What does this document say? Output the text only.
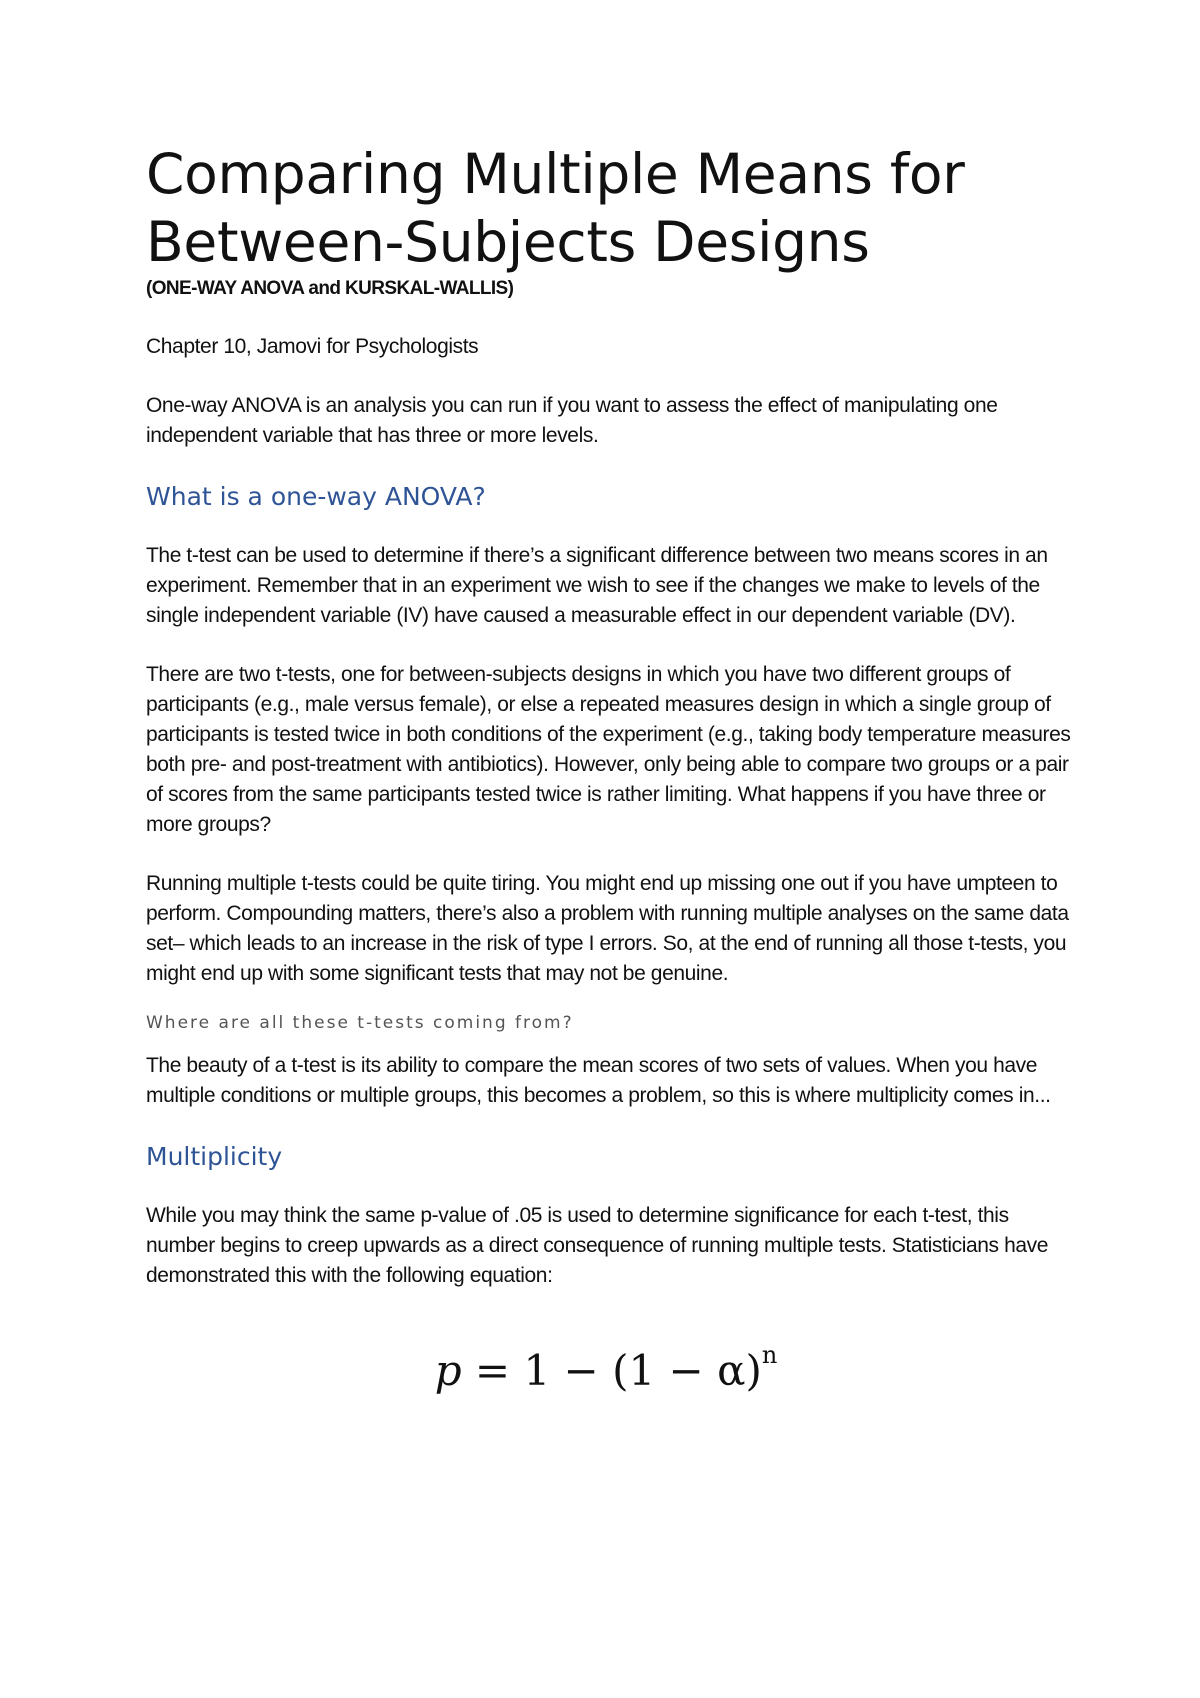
Comparing Multiple Means for
Between-Subjects Designs

(ONE-WAY ANOVA and KURSKAL-WALLIS)

Chapter 10, Jamovi for Psychologists

One-way ANOVA is an analysis you can run if you want to assess the effect of manipulating one independent variable that has three or more levels.

What is a one-way ANOVA?

The t-test can be used to determine if there’s a significant difference between two means scores in an experiment. Remember that in an experiment we wish to see if the changes we make to levels of the single independent variable (IV) have caused a measurable effect in our dependent variable (DV).

There are two t-tests, one for between-subjects designs in which you have two different groups of participants (e.g., male versus female), or else a repeated measures design in which a single group of participants is tested twice in both conditions of the experiment (e.g., taking body temperature measures both pre- and post-treatment with antibiotics). However, only being able to compare two groups or a pair of scores from the same participants tested twice is rather limiting. What happens if you have three or more groups?

Running multiple t-tests could be quite tiring. You might end up missing one out if you have umpteen to perform. Compounding matters, there’s also a problem with running multiple analyses on the same data set– which leads to an increase in the risk of type I errors. So, at the end of running all those t-tests, you might end up with some significant tests that may not be genuine.

Where are all these t-tests coming from?

The beauty of a t-test is its ability to compare the mean scores of two sets of values. When you have multiple conditions or multiple groups, this becomes a problem, so this is where multiplicity comes in...

Multiplicity

While you may think the same p-value of .05 is used to determine significance for each t-test, this number begins to creep upwards as a direct consequence of running multiple tests. Statisticians have demonstrated this with the following equation:

$p = 1 - (1 - \alpha)^n$
